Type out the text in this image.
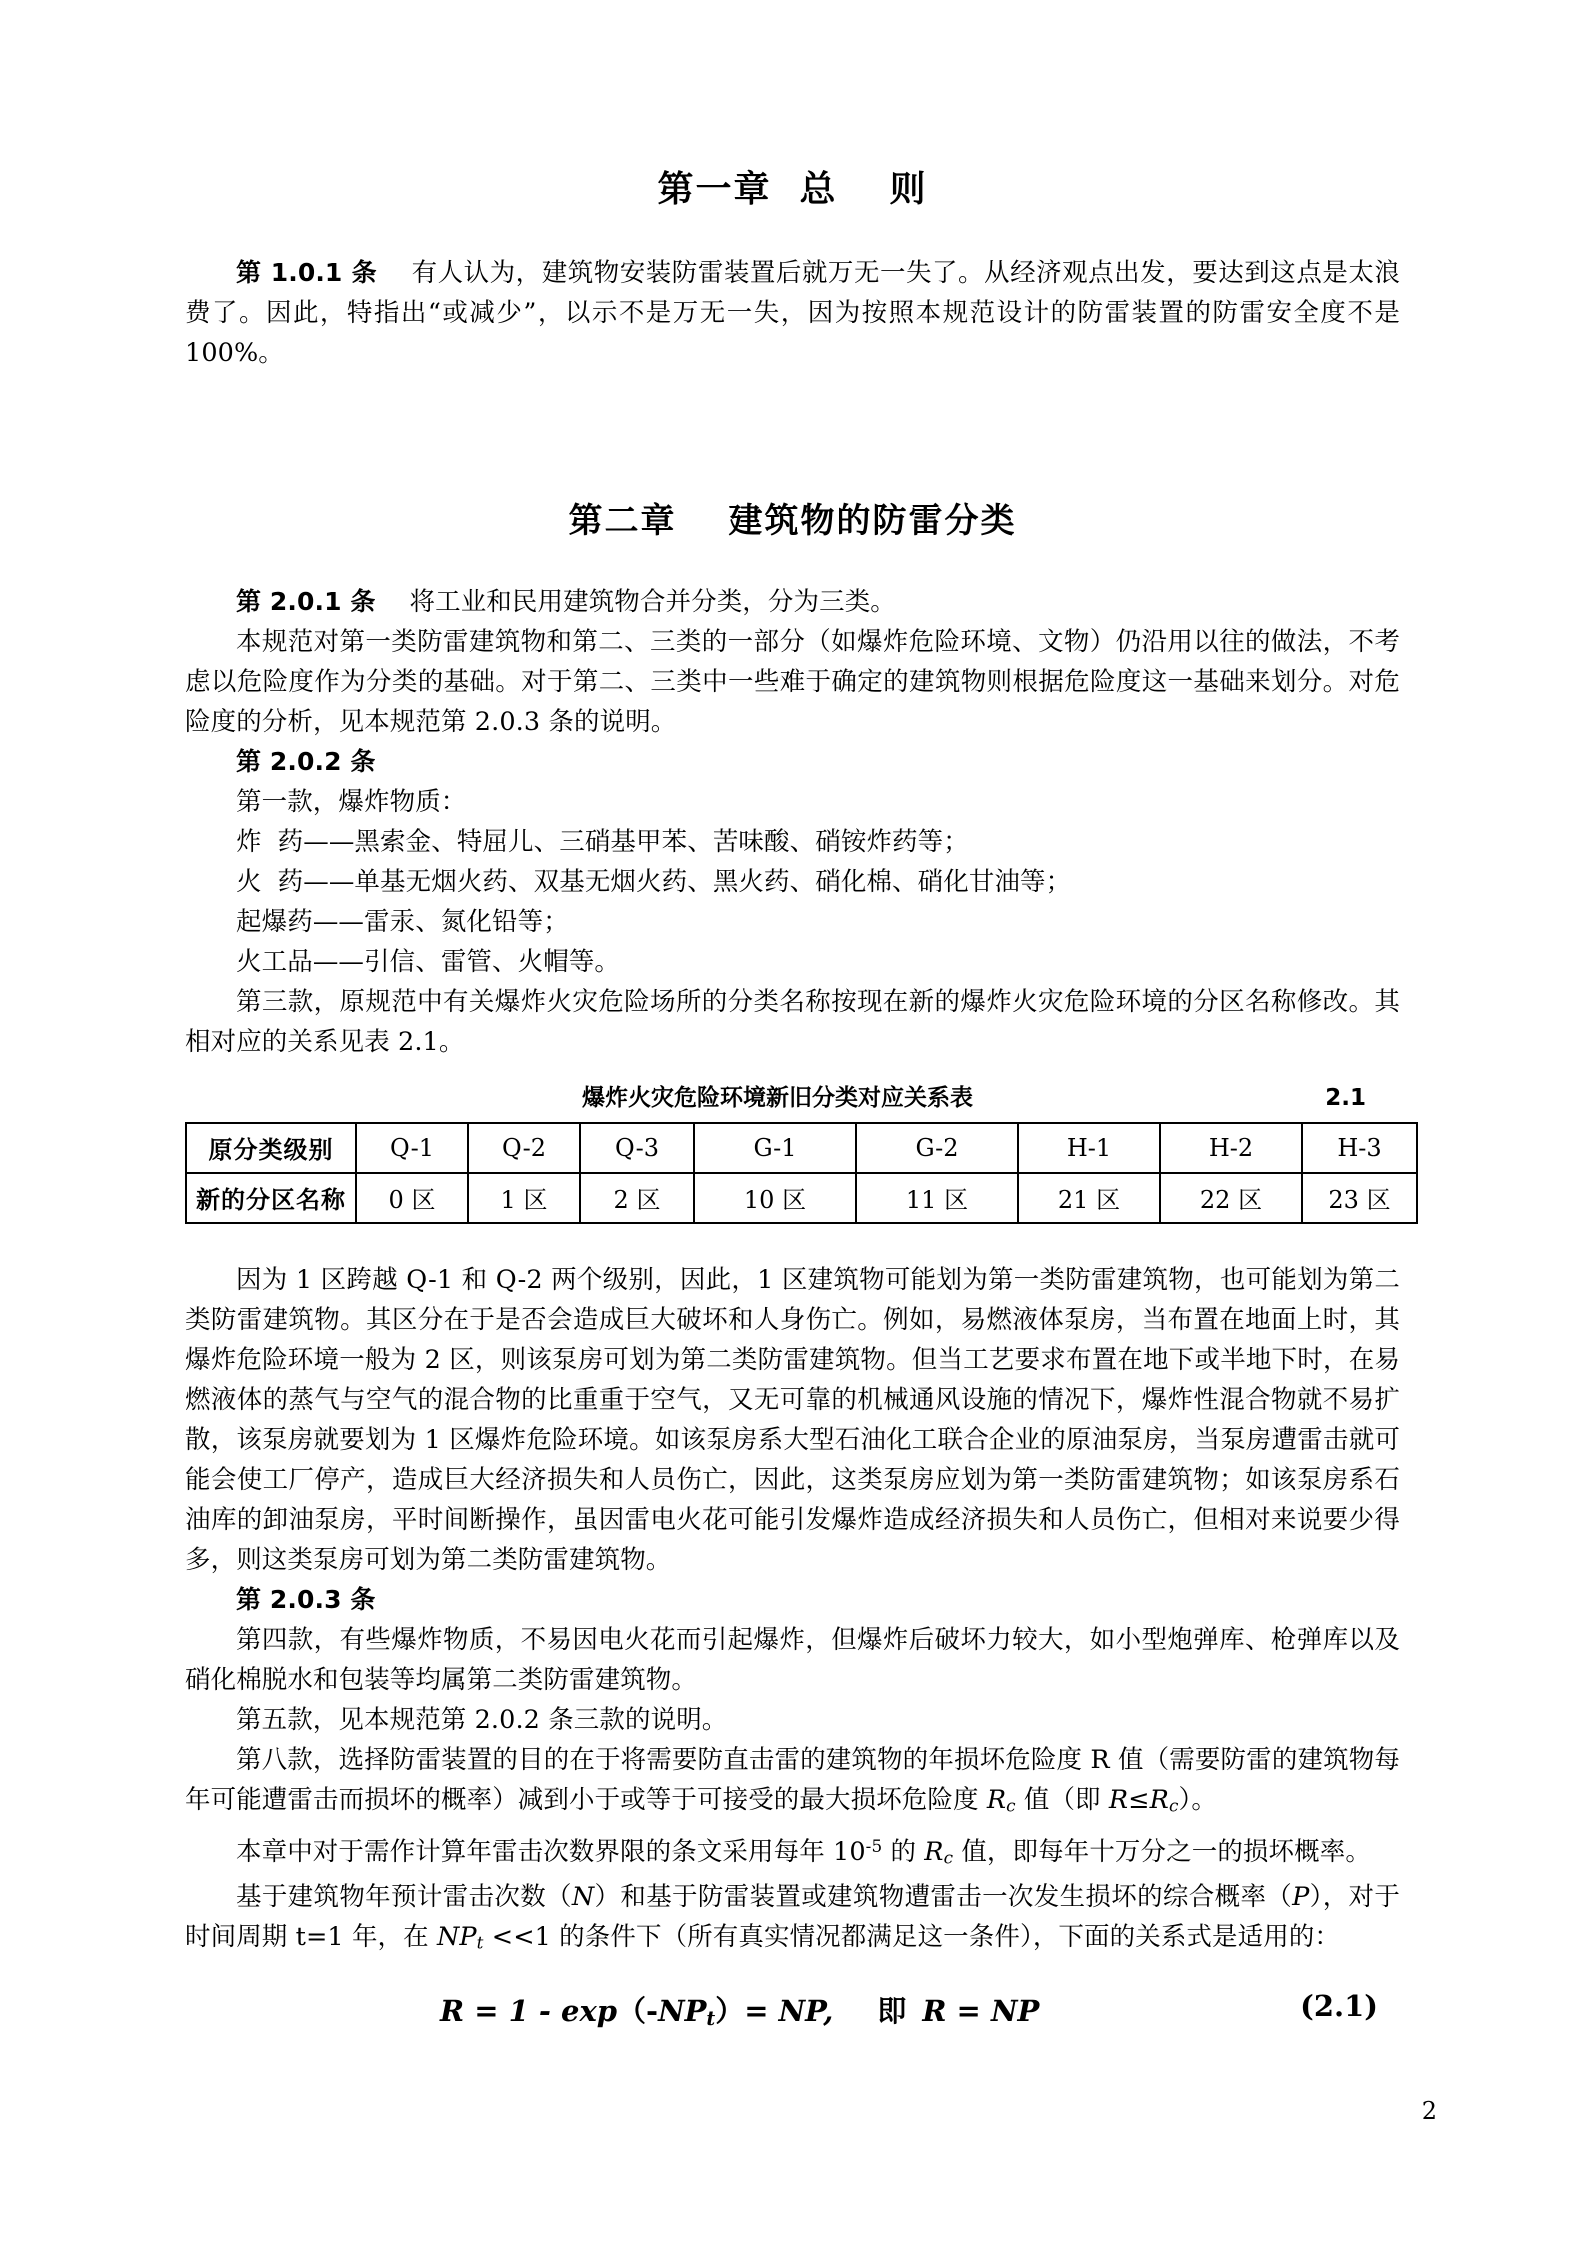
第一章 总 则

第 1.0.1 条 有人认为，建筑物安装防雷装置后就万无一失了。从经济观点出发，要达到这点是太浪费了。因此，特指出“或减少”，以示不是万无一失，因为按照本规范设计的防雷装置的防雷安全度不是 100%。

第二章 建筑物的防雷分类

第 2.0.1 条 将工业和民用建筑物合并分类，分为三类。

本规范对第一类防雷建筑物和第二、三类的一部分（如爆炸危险环境、文物）仍沿用以往的做法，不考虑以危险度作为分类的基础。对于第二、三类中一些难于确定的建筑物则根据危险度这一基础来划分。对危险度的分析，见本规范第 2.0.3 条的说明。

第 2.0.2 条

第一款，爆炸物质：

炸 药——黑索金、特屈儿、三硝基甲苯、苦味酸、硝铵炸药等；

火 药——单基无烟火药、双基无烟火药、黑火药、硝化棉、硝化甘油等；

起爆药——雷汞、氮化铅等；

火工品——引信、雷管、火帽等。

第三款，原规范中有关爆炸火灾危险场所的分类名称按现在新的爆炸火灾危险环境的分区名称修改。其相对应的关系见表 2.1。

爆炸火灾危险环境新旧分类对应关系表	2.1
原分类级别	Q-1	Q-2	Q-3	G-1	G-2	H-1	H-2	H-3
新的分区名称	0 区	1 区	2 区	10 区	11 区	21 区	22 区	23 区

因为 1 区跨越 Q-1 和 Q-2 两个级别，因此，1 区建筑物可能划为第一类防雷建筑物，也可能划为第二类防雷建筑物。其区分在于是否会造成巨大破坏和人身伤亡。例如，易燃液体泵房，当布置在地面上时，其爆炸危险环境一般为 2 区，则该泵房可划为第二类防雷建筑物。但当工艺要求布置在地下或半地下时，在易燃液体的蒸气与空气的混合物的比重重于空气，又无可靠的机械通风设施的情况下，爆炸性混合物就不易扩散，该泵房就要划为 1 区爆炸危险环境。如该泵房系大型石油化工联合企业的原油泵房，当泵房遭雷击就可能会使工厂停产，造成巨大经济损失和人员伤亡，因此，这类泵房应划为第一类防雷建筑物；如该泵房系石油库的卸油泵房，平时间断操作，虽因雷电火花可能引发爆炸造成经济损失和人员伤亡，但相对来说要少得多，则这类泵房可划为第二类防雷建筑物。

第 2.0.3 条

第四款，有些爆炸物质，不易因电火花而引起爆炸，但爆炸后破坏力较大，如小型炮弹库、枪弹库以及硝化棉脱水和包装等均属第二类防雷建筑物。

第五款，见本规范第 2.0.2 条三款的说明。

第八款，选择防雷装置的目的在于将需要防直击雷的建筑物的年损坏危险度 R 值（需要防雷的建筑物每年可能遭雷击而损坏的概率）减到小于或等于可接受的最大损坏危险度 $R_c$ 值（即 $R\le R_c$）。

本章中对于需作计算年雷击次数界限的条文采用每年 $10^{-5}$ 的 $R_c$ 值，即每年十万分之一的损坏概率。

基于建筑物年预计雷击次数（N）和基于防雷装置或建筑物遭雷击一次发生损坏的综合概率（P），对于时间周期 t=1 年，在 $NP_t <<1$ 的条件下（所有真实情况都满足这一条件），下面的关系式是适用的：

$R = 1 - \exp(-NP_t)=$ NP, 即 R = NP	(2.1)
2
